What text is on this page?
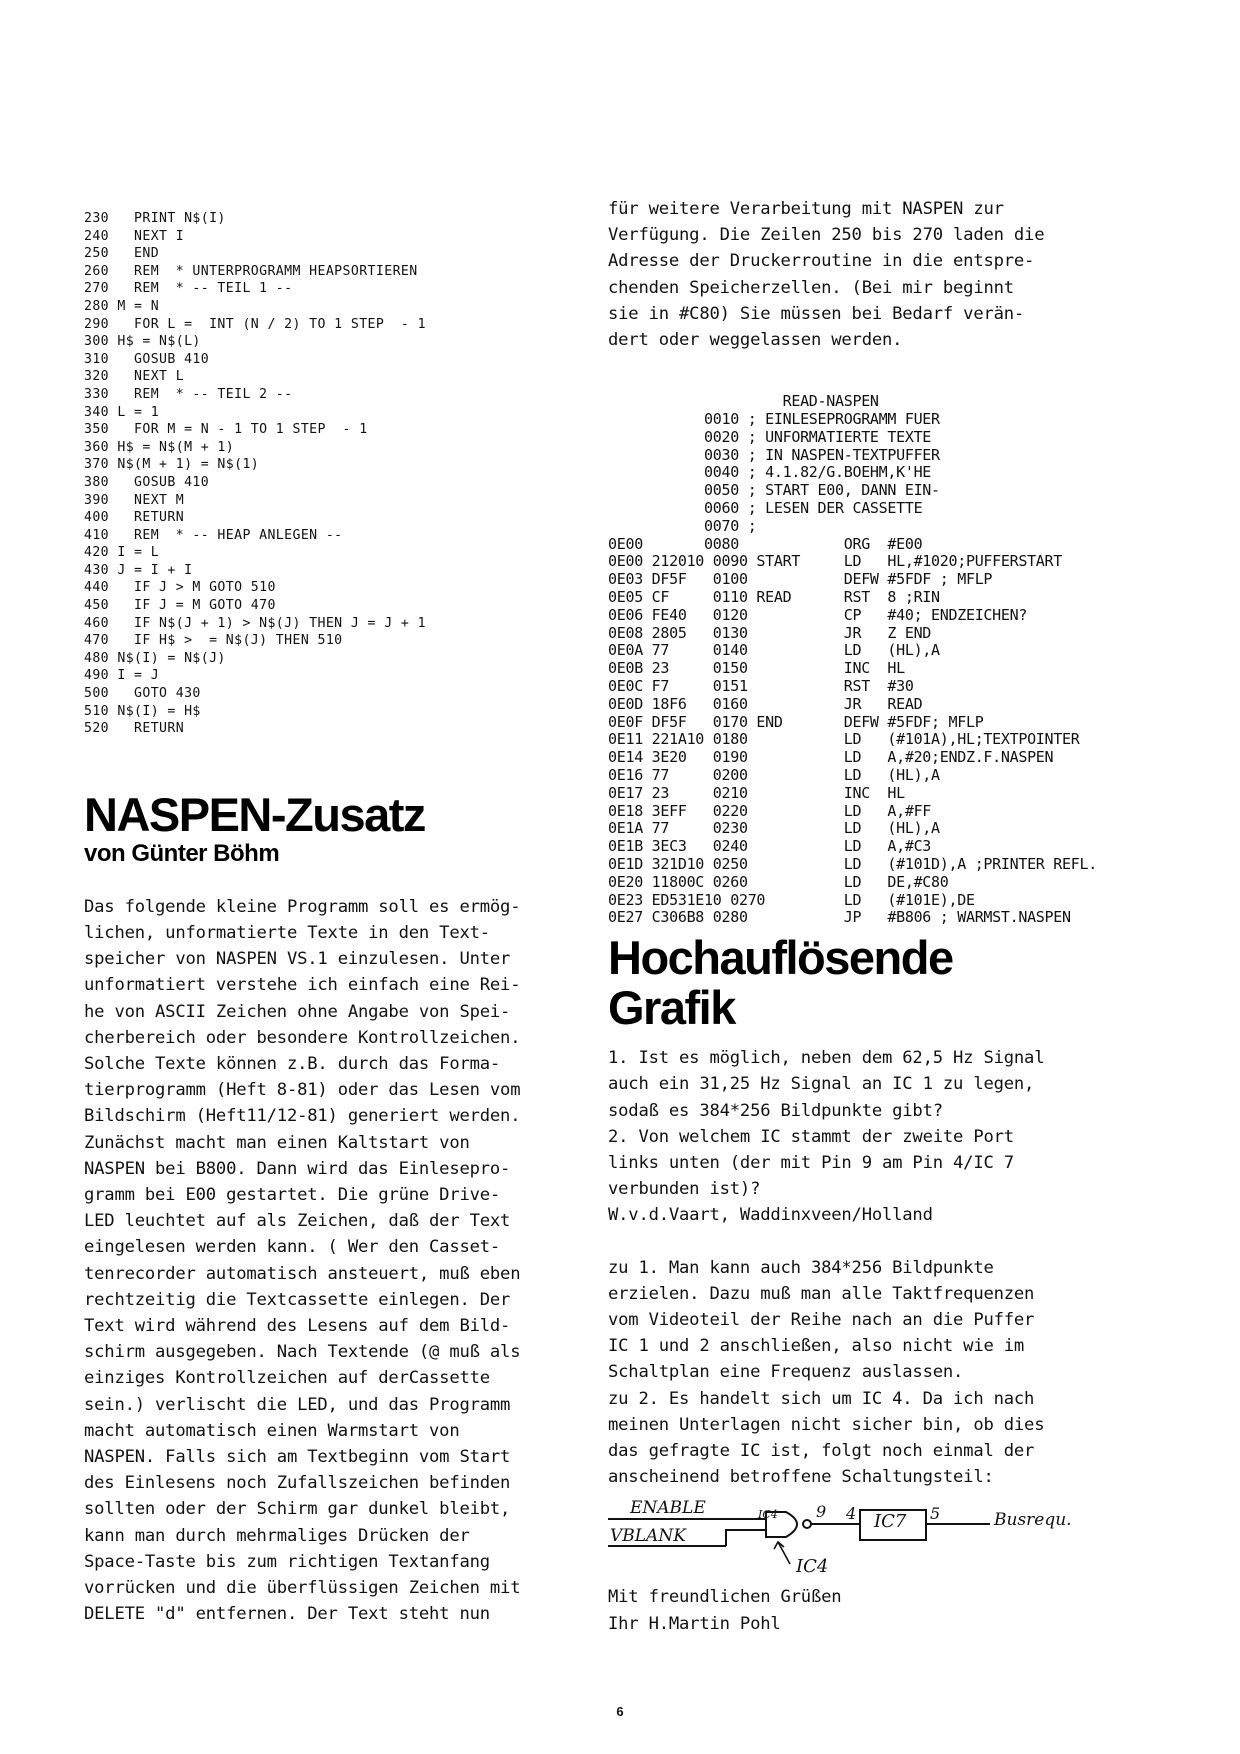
230   PRINT N$(I)
240   NEXT I
250   END
260   REM  * UNTERPROGRAMM HEAPSORTIEREN
270   REM  * -- TEIL 1 --
280 M = N
290   FOR L =  INT (N / 2) TO 1 STEP  - 1
300 H$ = N$(L)
310   GOSUB 410
320   NEXT L
330   REM  * -- TEIL 2 --
340 L = 1
350   FOR M = N - 1 TO 1 STEP  - 1
360 H$ = N$(M + 1)
370 N$(M + 1) = N$(1)
380   GOSUB 410
390   NEXT M
400   RETURN
410   REM  * -- HEAP ANLEGEN --
420 I = L
430 J = I + I
440   IF J > M GOTO 510
450   IF J = M GOTO 470
460   IF N$(J + 1) > N$(J) THEN J = J + 1
470   IF H$ >  = N$(J) THEN 510
480 N$(I) = N$(J)
490 I = J
500   GOTO 430
510 N$(I) = H$
520   RETURN
NASPEN-Zusatz
von Günter Böhm
Das folgende kleine Programm soll es ermög-
lichen, unformatierte Texte in den Text-
speicher von NASPEN VS.1 einzulesen. Unter
unformatiert verstehe ich einfach eine Rei-
he von ASCII Zeichen ohne Angabe von Spei-
cherbereich oder besondere Kontrollzeichen.
Solche Texte können z.B. durch das Forma-
tierprogramm (Heft 8-81) oder das Lesen vom
Bildschirm (Heft11/12-81) generiert werden.
Zunächst macht man einen Kaltstart von
NASPEN bei B800. Dann wird das Einlesepro-
gramm bei E00 gestartet. Die grüne Drive-
LED leuchtet auf als Zeichen, daß der Text
eingelesen werden kann. ( Wer den Casset-
tenrecorder automatisch ansteuert, muß eben
rechtzeitig die Textcassette einlegen. Der
Text wird während des Lesens auf dem Bild-
schirm ausgegeben. Nach Textende (@ muß als
einziges Kontrollzeichen auf derCassette
sein.) verlischt die LED, und das Programm
macht automatisch einen Warmstart von
NASPEN. Falls sich am Textbeginn vom Start
des Einlesens noch Zufallszeichen befinden
sollten oder der Schirm gar dunkel bleibt,
kann man durch mehrmaliges Drücken der
Space-Taste bis zum richtigen Textanfang
vorrücken und die überflüssigen Zeichen mit
DELETE "d" entfernen. Der Text steht nun
für weitere Verarbeitung mit NASPEN zur
Verfügung. Die Zeilen 250 bis 270 laden die
Adresse der Druckerroutine in die entspre-
chenden Speicherzellen. (Bei mir beginnt
sie in #C80) Sie müssen bei Bedarf verän-
dert oder weggelassen werden.
READ-NASPEN
0010 ; EINLESEPROGRAMM FUER
0020 ; UNFORMATIERTE TEXTE
0030 ; IN NASPEN-TEXTPUFFER
0040 ; 4.1.82/G.BOEHM,K'HE
0050 ; START E00, DANN EIN-
0060 ; LESEN DER CASSETTE
0070 ;
0E00       0080            ORG  #E00
0E00 212010 0090 START     LD   HL,#1020;PUFFERSTART
0E03 DF5F   0100           DEFW #5FDF ; MFLP
0E05 CF     0110 READ      RST  8 ;RIN
0E06 FE40   0120           CP   #40; ENDZEICHEN?
0E08 2805   0130           JR   Z END
0E0A 77     0140           LD   (HL),A
0E0B 23     0150           INC  HL
0E0C F7     0151           RST  #30
0E0D 18F6   0160           JR   READ
0E0F DF5F   0170 END       DEFW #5FDF; MFLP
0E11 221A10 0180           LD   (#101A),HL;TEXTPOINTER
0E14 3E20   0190           LD   A,#20;ENDZ.F.NASPEN
0E16 77     0200           LD   (HL),A
0E17 23     0210           INC  HL
0E18 3EFF   0220           LD   A,#FF
0E1A 77     0230           LD   (HL),A
0E1B 3EC3   0240           LD   A,#C3
0E1D 321D10 0250           LD   (#101D),A ;PRINTER REFL.
0E20 11800C 0260           LD   DE,#C80
0E23 ED531E10 0270         LD   (#101E),DE
0E27 C306B8 0280           JP   #B806 ; WARMST.NASPEN
Hochauflösende
Grafik
1. Ist es möglich, neben dem 62,5 Hz Signal
auch ein 31,25 Hz Signal an IC 1 zu legen,
sodaß es 384*256 Bildpunkte gibt?
2. Von welchem IC stammt der zweite Port
links unten (der mit Pin 9 am Pin 4/IC 7
verbunden ist)?
W.v.d.Vaart, Waddinxveen/Holland
zu 1. Man kann auch 384*256 Bildpunkte
erzielen. Dazu muß man alle Taktfrequenzen
vom Videoteil der Reihe nach an die Puffer
IC 1 und 2 anschließen, also nicht wie im
Schaltplan eine Frequenz auslassen.
zu 2. Es handelt sich um IC 4. Da ich nach
meinen Unterlagen nicht sicher bin, ob dies
das gefragte IC ist, folgt noch einmal der
anscheinend betroffene Schaltungsteil:
ENABLE
VBLANK
IC4 9 4 IC7 5	Busrequ.
IC4
Mit freundlichen Grüßen
Ihr H.Martin Pohl
6
